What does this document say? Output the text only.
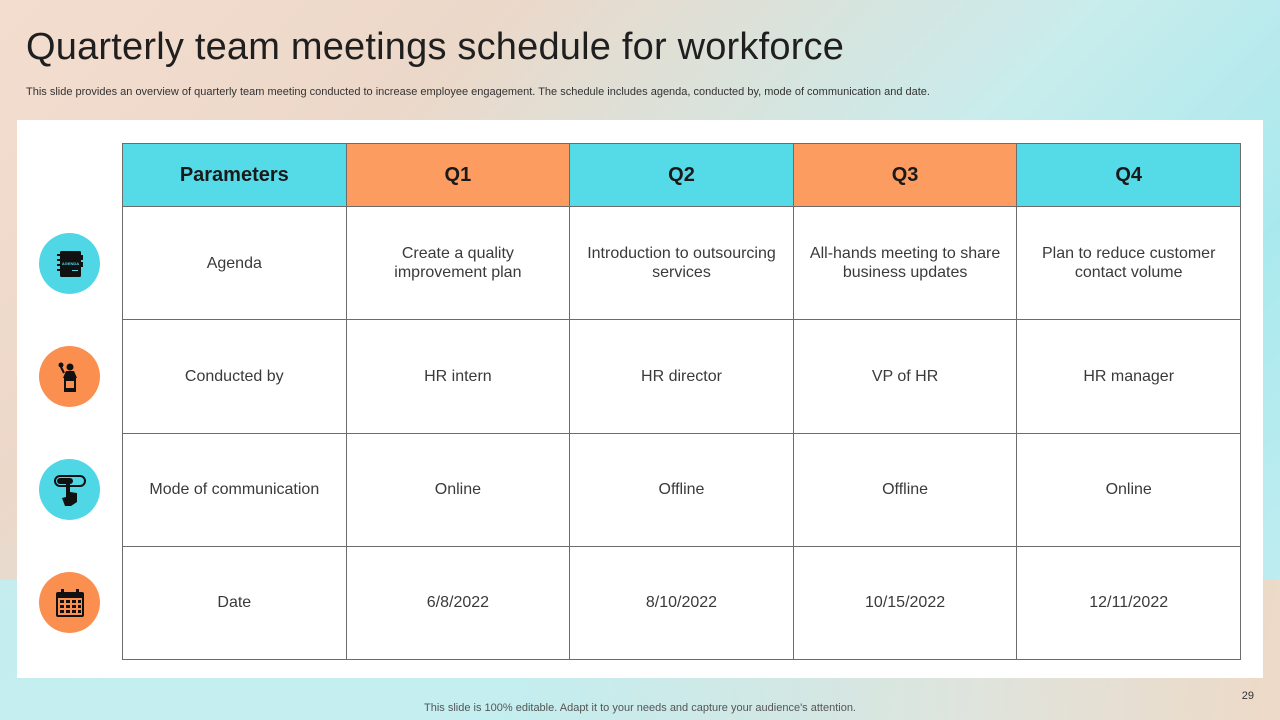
Quarterly team meetings schedule for workforce

This slide provides an overview of quarterly team meeting conducted to increase employee engagement. The schedule includes agenda, conducted by, mode of communication and date.

AGENDA
Parameters	Q1	Q2	Q3	Q4
Agenda	Create a quality improvement plan	Introduction to outsourcing services	All-hands meeting to share business updates	Plan to reduce customer contact volume
Conducted by	HR intern	HR director	VP of HR	HR manager
Mode of communication	Online	Offline	Offline	Online
Date	6/8/2022	8/10/2022	10/15/2022	12/11/2022
29
This slide is 100% editable. Adapt it to your needs and capture your audience's attention.
